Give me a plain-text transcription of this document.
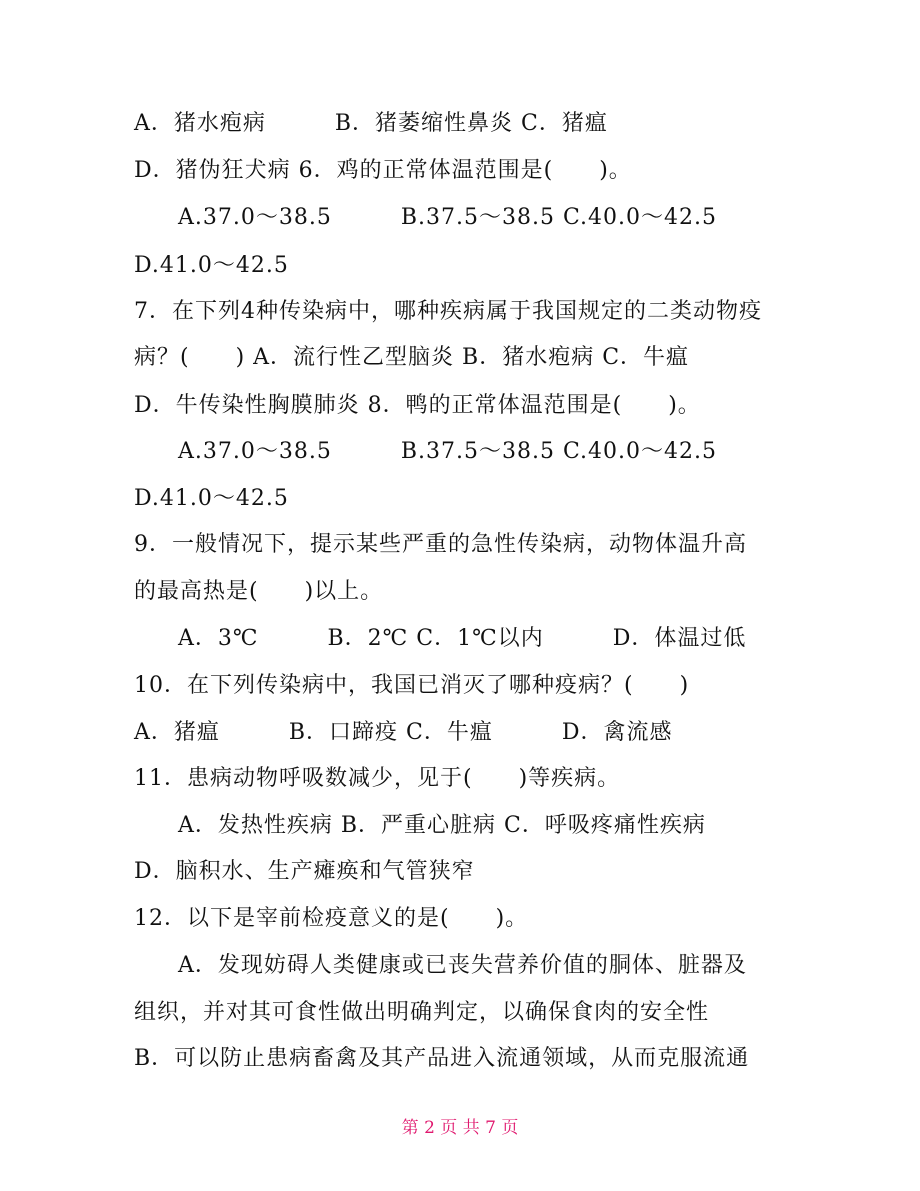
A．猪水疱病　　　B．猪萎缩性鼻炎 C．猪瘟
D．猪伪狂犬病 6．鸡的正常体温范围是(　　)。
A.37.0～38.5　　　B.37.5～38.5 C.40.0～42.5
D.41.0～42.5
7．在下列4种传染病中，哪种疾病属于我国规定的二类动物疫
病？(　　) A．流行性乙型脑炎 B．猪水疱病 C．牛瘟
D．牛传染性胸膜肺炎 8．鸭的正常体温范围是(　　)。
A.37.0～38.5　　　B.37.5～38.5 C.40.0～42.5
D.41.0～42.5
9．一般情况下，提示某些严重的急性传染病，动物体温升高
的最高热是(　　)以上。
A．3℃　　　B．2℃ C．1℃以内　　　D．体温过低
10．在下列传染病中，我国已消灭了哪种疫病？(　　)
A．猪瘟　　　B．口蹄疫 C．牛瘟　　　D．禽流感
11．患病动物呼吸数减少，见于(　　)等疾病。
A．发热性疾病 B．严重心脏病 C．呼吸疼痛性疾病
D．脑积水、生产瘫痪和气管狭窄
12．以下是宰前检疫意义的是(　　)。
A．发现妨碍人类健康或已丧失营养价值的胴体、脏器及
组织，并对其可食性做出明确判定，以确保食肉的安全性
B．可以防止患病畜禽及其产品进入流通领域，从而克服流通
第 2 页 共 7 页
